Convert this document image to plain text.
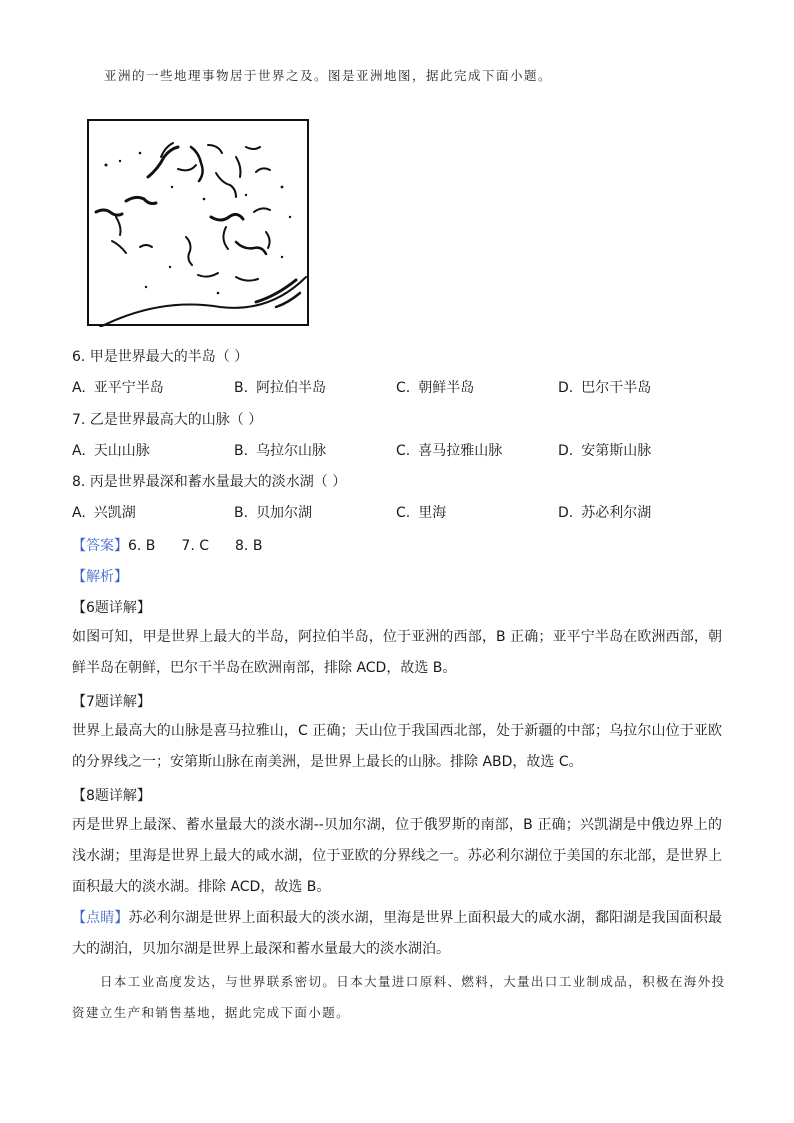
亚洲的一些地理事物居于世界之及。图是亚洲地图，据此完成下面小题。
6. 甲是世界最大的半岛（ ）
A. 亚平宁半岛	B. 阿拉伯半岛	C. 朝鲜半岛	D. 巴尔干半岛
7. 乙是世界最高大的山脉（ ）
A. 天山山脉	B. 乌拉尔山脉	C. 喜马拉雅山脉	D. 安第斯山脉
8. 丙是世界最深和蓄水量最大的淡水湖（ ）
A. 兴凯湖	B. 贝加尔湖	C. 里海	D. 苏必利尔湖
【答案】6. B 7. C 8. B
【解析】
【6题详解】
如图可知，甲是世界上最大的半岛，阿拉伯半岛，位于亚洲的西部，B 正确；亚平宁半岛在欧洲西部，朝鲜半岛在朝鲜，巴尔干半岛在欧洲南部，排除 ACD，故选 B。
【7题详解】
世界上最高大的山脉是喜马拉雅山，C 正确；天山位于我国西北部，处于新疆的中部；乌拉尔山位于亚欧的分界线之一；安第斯山脉在南美洲，是世界上最长的山脉。排除 ABD，故选 C。
【8题详解】
丙是世界上最深、蓄水量最大的淡水湖--贝加尔湖，位于俄罗斯的南部，B 正确；兴凯湖是中俄边界上的浅水湖；里海是世界上最大的咸水湖，位于亚欧的分界线之一。苏必利尔湖位于美国的东北部，是世界上面积最大的淡水湖。排除 ACD，故选 B。
【点睛】苏必利尔湖是世界上面积最大的淡水湖，里海是世界上面积最大的咸水湖，鄱阳湖是我国面积最大的湖泊，贝加尔湖是世界上最深和蓄水量最大的淡水湖泊。
日本工业高度发达，与世界联系密切。日本大量进口原料、燃料，大量出口工业制成品，积极在海外投资建立生产和销售基地，据此完成下面小题。
